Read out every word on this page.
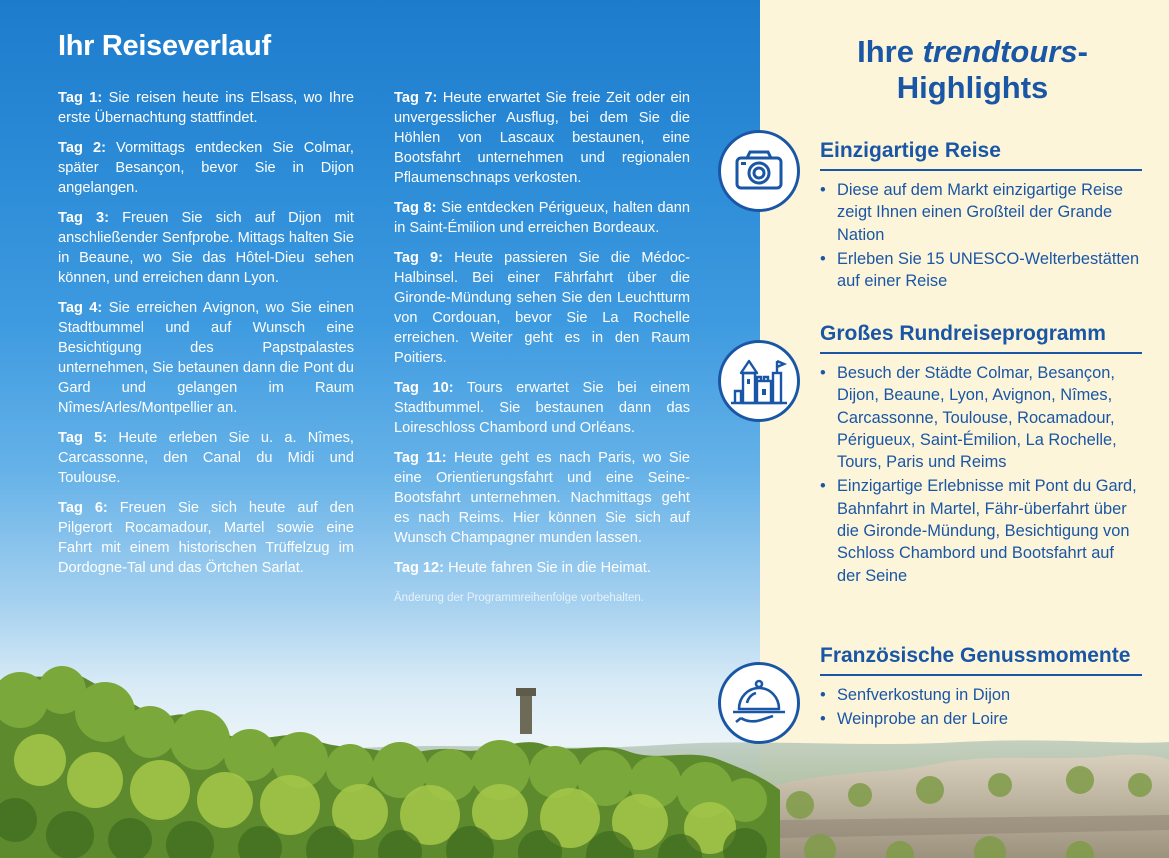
Ihr Reiseverlauf

Tag 1: Sie reisen heute ins Elsass, wo Ihre erste Übernachtung stattfindet.

Tag 2: Vormittags entdecken Sie Colmar, später Besançon, bevor Sie in Dijon angelangen.

Tag 3: Freuen Sie sich auf Dijon mit anschließender Senfprobe. Mittags halten Sie in Beaune, wo Sie das Hôtel-Dieu sehen können, und erreichen dann Lyon.

Tag 4: Sie erreichen Avignon, wo Sie einen Stadtbummel und auf Wunsch eine Besichtigung des Papstpalastes unternehmen, Sie betaunen dann die Pont du Gard und gelangen im Raum Nîmes/Arles/Montpellier an.

Tag 5: Heute erleben Sie u. a. Nîmes, Carcassonne, den Canal du Midi und Toulouse.

Tag 6: Freuen Sie sich heute auf den Pilgerort Rocamadour, Martel sowie eine Fahrt mit einem historischen Trüffelzug im Dordogne-Tal und das Örtchen Sarlat.

Tag 7: Heute erwartet Sie freie Zeit oder ein unvergesslicher Ausflug, bei dem Sie die Höhlen von Lascaux bestaunen, eine Bootsfahrt unternehmen und regionalen Pflaumenschnaps verkosten.

Tag 8: Sie entdecken Périgueux, halten dann in Saint-Émilion und erreichen Bordeaux.

Tag 9: Heute passieren Sie die Médoc-Halbinsel. Bei einer Fährfahrt über die Gironde-Mündung sehen Sie den Leuchtturm von Cordouan, bevor Sie La Rochelle erreichen. Weiter geht es in den Raum Poitiers.

Tag 10: Tours erwartet Sie bei einem Stadtbummel. Sie bestaunen dann das Loireschloss Chambord und Orléans.

Tag 11: Heute geht es nach Paris, wo Sie eine Orientierungsfahrt und eine Seine-Bootsfahrt unternehmen. Nachmittags geht es nach Reims. Hier können Sie sich auf Wunsch Champagner munden lassen.

Tag 12: Heute fahren Sie in die Heimat.

Änderung der Programmreihenfolge vorbehalten.

Ihre trendtours-
Highlights
Einzigartige Reise
• Diese auf dem Markt einzigartige Reise zeigt Ihnen einen Großteil der Grande Nation
• Erleben Sie 15 UNESCO-Welterbestätten auf einer Reise
Großes Rundreiseprogramm
• Besuch der Städte Colmar, Besançon, Dijon, Beaune, Lyon, Avignon, Nîmes, Carcassonne, Toulouse, Rocamadour, Périgueux, Saint-Émilion, La Rochelle, Tours, Paris und Reims
• Einzigartige Erlebnisse mit Pont du Gard, Bahnfahrt in Martel, Fähr-überfahrt über die Gironde-Mündung, Besichtigung von Schloss Chambord und Bootsfahrt auf der Seine
Französische Genussmomente
• Senfverkostung in Dijon
• Weinprobe an der Loire
